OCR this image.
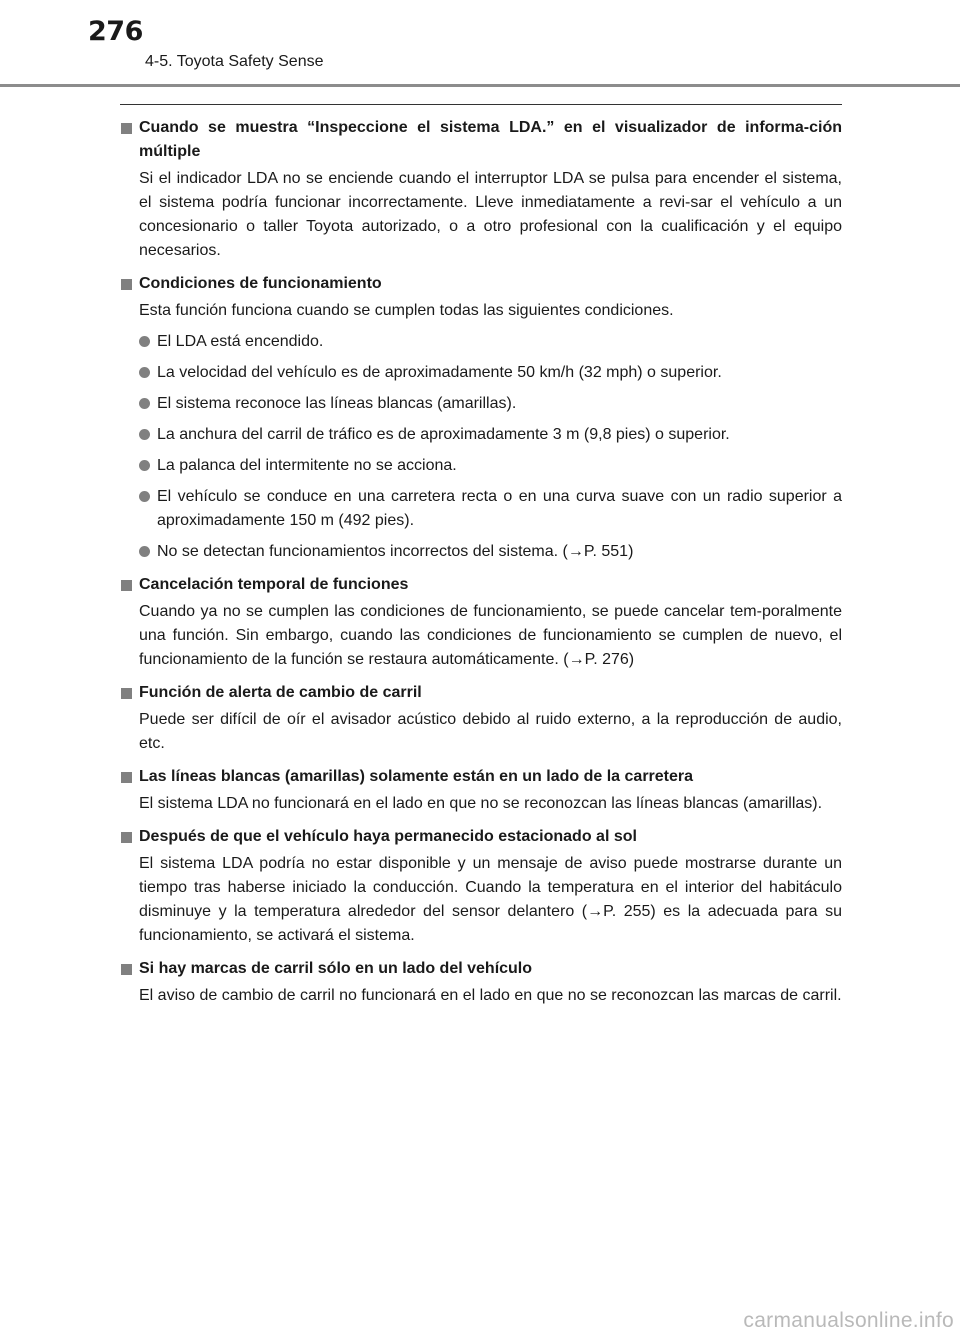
276
4-5. Toyota Safety Sense
Cuando se muestra “Inspeccione el sistema LDA.” en el visualizador de informa-ción múltiple
Si el indicador LDA no se enciende cuando el interruptor LDA se pulsa para encender el sistema, el sistema podría funcionar incorrectamente. Lleve inmediatamente a revi-sar el vehículo a un concesionario o taller Toyota autorizado, o a otro profesional con la cualificación y el equipo necesarios.
Condiciones de funcionamiento
Esta función funciona cuando se cumplen todas las siguientes condiciones.
El LDA está encendido.
La velocidad del vehículo es de aproximadamente 50 km/h (32 mph) o superior.
El sistema reconoce las líneas blancas (amarillas).
La anchura del carril de tráfico es de aproximadamente 3 m (9,8 pies) o superior.
La palanca del intermitente no se acciona.
El vehículo se conduce en una carretera recta o en una curva suave con un radio superior a aproximadamente 150 m (492 pies).
No se detectan funcionamientos incorrectos del sistema. (→P. 551)
Cancelación temporal de funciones
Cuando ya no se cumplen las condiciones de funcionamiento, se puede cancelar tem-poralmente una función. Sin embargo, cuando las condiciones de funcionamiento se cumplen de nuevo, el funcionamiento de la función se restaura automáticamente. (→P. 276)
Función de alerta de cambio de carril
Puede ser difícil de oír el avisador acústico debido al ruido externo, a la reproducción de audio, etc.
Las líneas blancas (amarillas) solamente están en un lado de la carretera
El sistema LDA no funcionará en el lado en que no se reconozcan las líneas blancas (amarillas).
Después de que el vehículo haya permanecido estacionado al sol
El sistema LDA podría no estar disponible y un mensaje de aviso puede mostrarse durante un tiempo tras haberse iniciado la conducción. Cuando la temperatura en el interior del habitáculo disminuye y la temperatura alrededor del sensor delantero (→P. 255) es la adecuada para su funcionamiento, se activará el sistema.
Si hay marcas de carril sólo en un lado del vehículo
El aviso de cambio de carril no funcionará en el lado en que no se reconozcan las marcas de carril.
carmanualsonline.info
